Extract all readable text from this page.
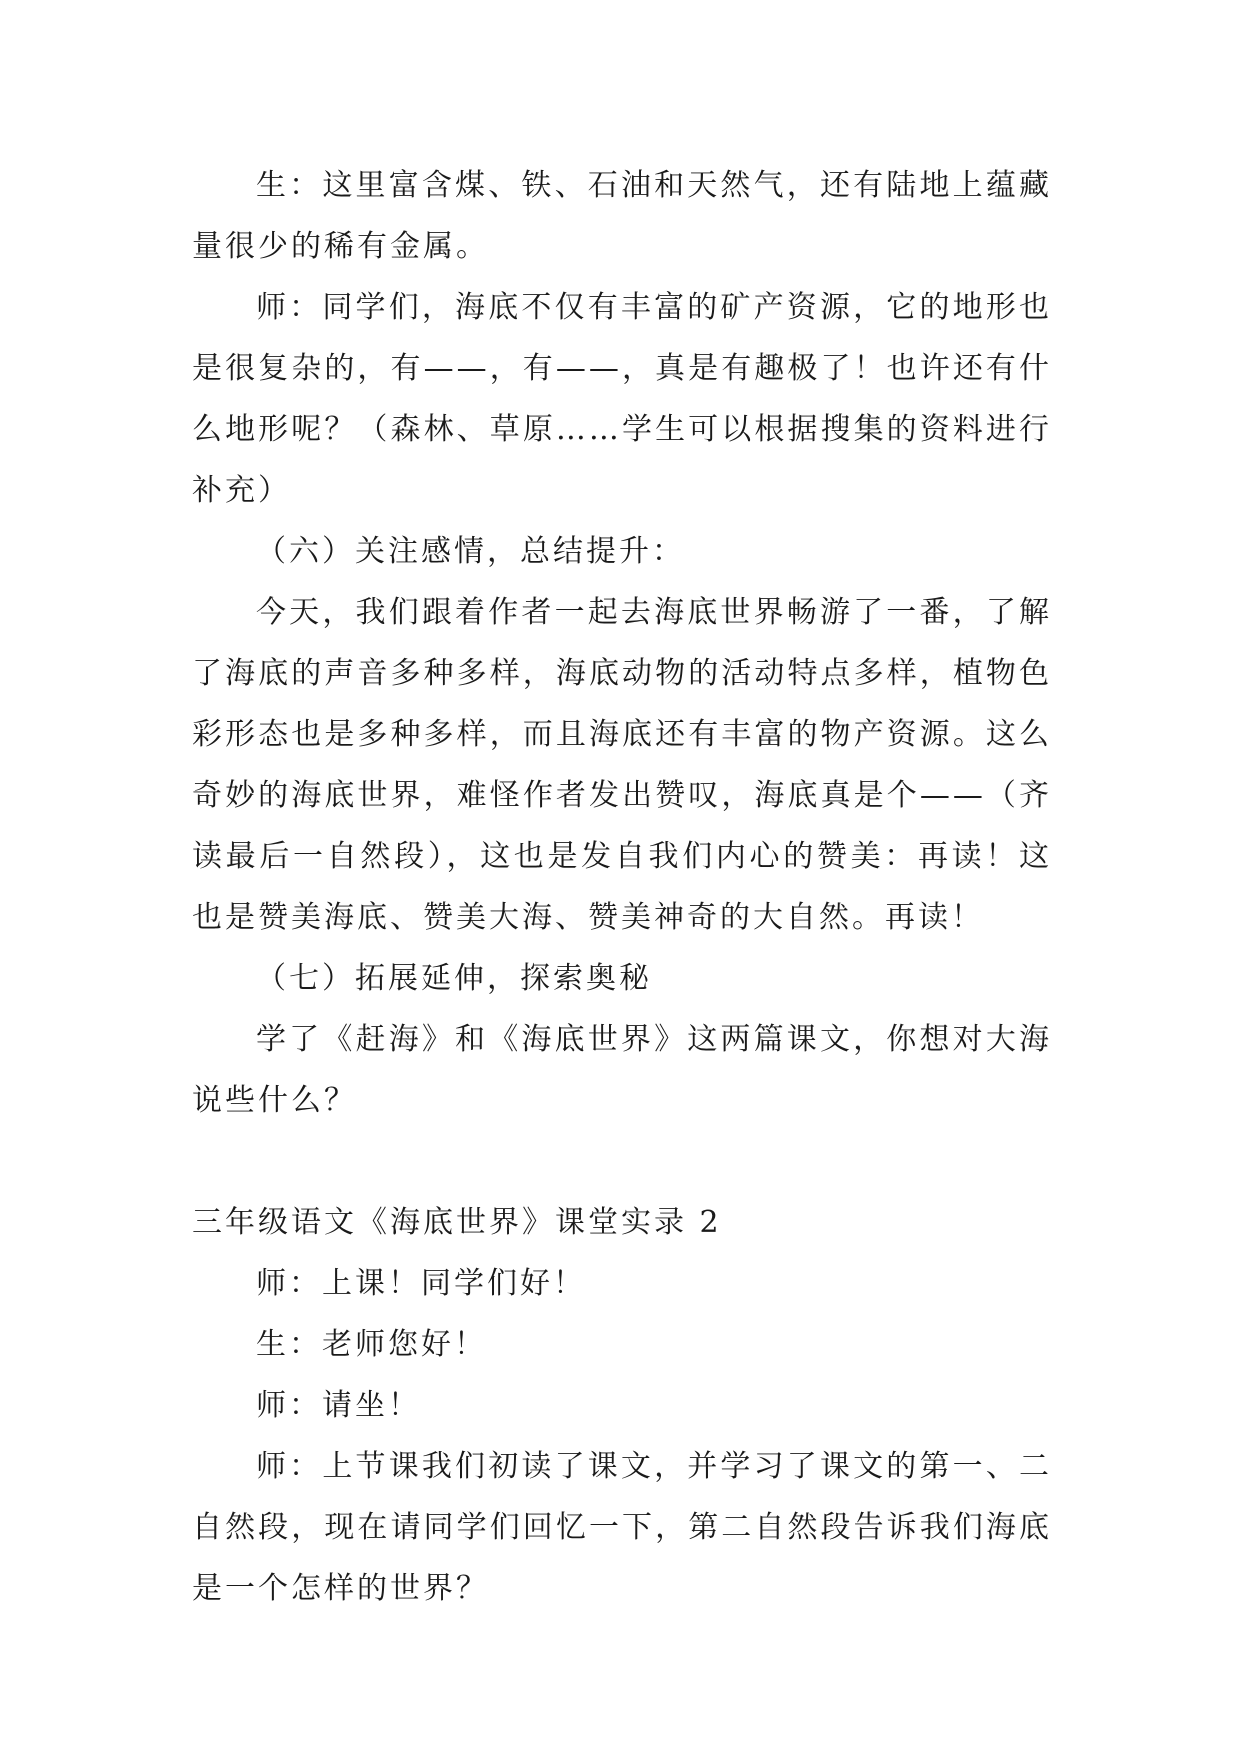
生：这里富含煤、铁、石油和天然气，还有陆地上蕴藏量很少的稀有金属。

师：同学们，海底不仅有丰富的矿产资源，它的地形也是很复杂的，有——，有——，真是有趣极了！也许还有什么地形呢？（森林、草原……学生可以根据搜集的资料进行补充）

（六）关注感情，总结提升：

今天，我们跟着作者一起去海底世界畅游了一番，了解了海底的声音多种多样，海底动物的活动特点多样，植物色彩形态也是多种多样，而且海底还有丰富的物产资源。这么奇妙的海底世界，难怪作者发出赞叹，海底真是个——（齐读最后一自然段），这也是发自我们内心的赞美：再读！这也是赞美海底、赞美大海、赞美神奇的大自然。再读！

（七）拓展延伸，探索奥秘

学了《赶海》和《海底世界》这两篇课文，你想对大海说些什么？

三年级语文《海底世界》课堂实录 2

师：上课！同学们好！

生：老师您好！

师：请坐！

师：上节课我们初读了课文，并学习了课文的第一、二自然段，现在请同学们回忆一下，第二自然段告诉我们海底是一个怎样的世界？
